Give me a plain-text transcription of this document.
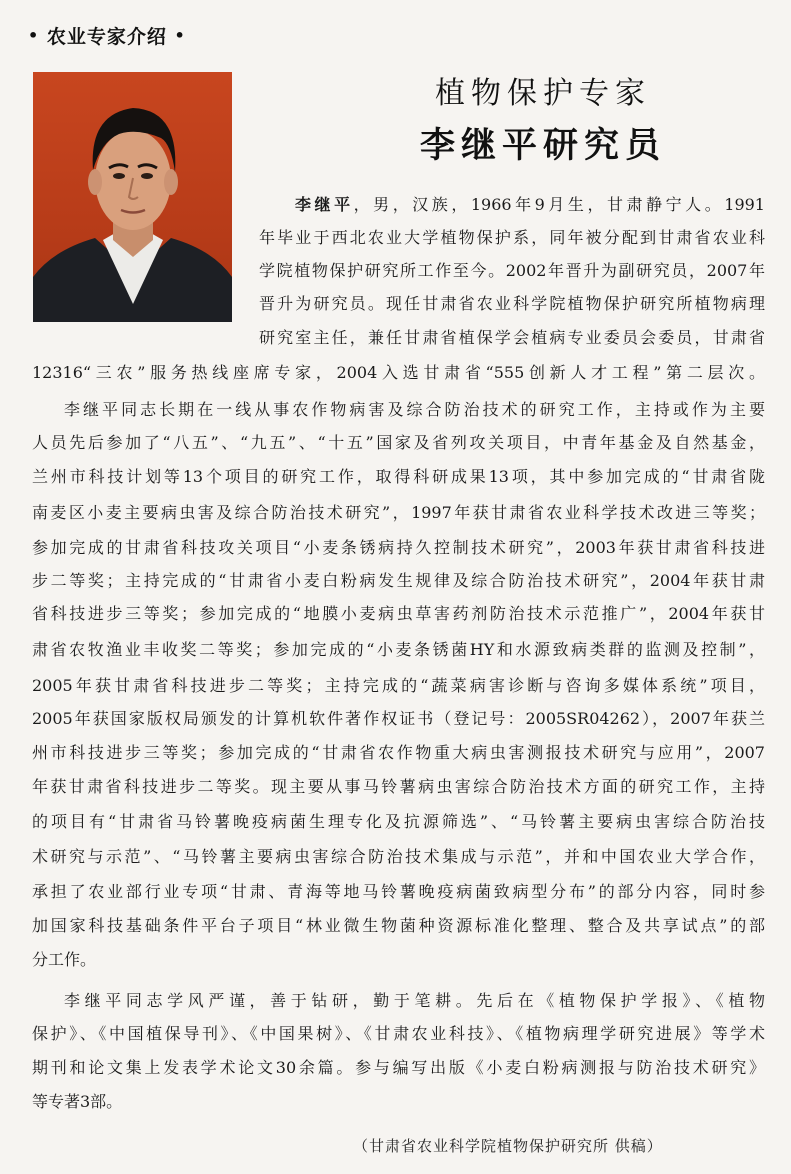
• 农业专家介绍 •
植物保护专家
李继平研究员
李继平，男，汉族，1966年9月生，甘肃静宁人。1991
年毕业于西北农业大学植物保护系，同年被分配到甘肃省农业科
学院植物保护研究所工作至今。2002年晋升为副研究员，2007年
晋升为研究员。现任甘肃省农业科学院植物保护研究所植物病理
研究室主任，兼任甘肃省植保学会植病专业委员会委员，甘肃省
12316“三农”服务热线座席专家，2004入选甘肃省“555创新人才工程”第二层次。
李继平同志长期在一线从事农作物病害及综合防治技术的研究工作，主持或作为主要
人员先后参加了“八五”、“九五”、“十五”国家及省列攻关项目，中青年基金及自然基金，
兰州市科技计划等13个项目的研究工作，取得科研成果13项，其中参加完成的“甘肃省陇
南麦区小麦主要病虫害及综合防治技术研究”，1997年获甘肃省农业科学技术改进三等奖；
参加完成的甘肃省科技攻关项目“小麦条锈病持久控制技术研究”，2003年获甘肃省科技进
步二等奖；主持完成的“甘肃省小麦白粉病发生规律及综合防治技术研究”，2004年获甘肃
省科技进步三等奖；参加完成的“地膜小麦病虫草害药剂防治技术示范推广”，2004年获甘
肃省农牧渔业丰收奖二等奖；参加完成的“小麦条锈菌HY和水源致病类群的监测及控制”，
2005年获甘肃省科技进步二等奖；主持完成的“蔬菜病害诊断与咨询多媒体系统”项目，
2005年获国家版权局颁发的计算机软件著作权证书（登记号：2005SR04262），2007年获兰
州市科技进步三等奖；参加完成的“甘肃省农作物重大病虫害测报技术研究与应用”，2007
年获甘肃省科技进步二等奖。现主要从事马铃薯病虫害综合防治技术方面的研究工作，主持
的项目有“甘肃省马铃薯晚疫病菌生理专化及抗源筛选”、“马铃薯主要病虫害综合防治技
术研究与示范”、“马铃薯主要病虫害综合防治技术集成与示范”，并和中国农业大学合作，
承担了农业部行业专项“甘肃、青海等地马铃薯晚疫病菌致病型分布”的部分内容，同时参
加国家科技基础条件平台子项目“林业微生物菌种资源标准化整理、整合及共享试点”的部
分工作。
李继平同志学风严谨，善于钻研，勤于笔耕。先后在《植物保护学报》、《植物
保护》、《中国植保导刊》、《中国果树》、《甘肃农业科技》、《植物病理学研究进展》等学术
期刊和论文集上发表学术论文30余篇。参与编写出版《小麦白粉病测报与防治技术研究》
等专著3部。
（甘肃省农业科学院植物保护研究所 供稿）
